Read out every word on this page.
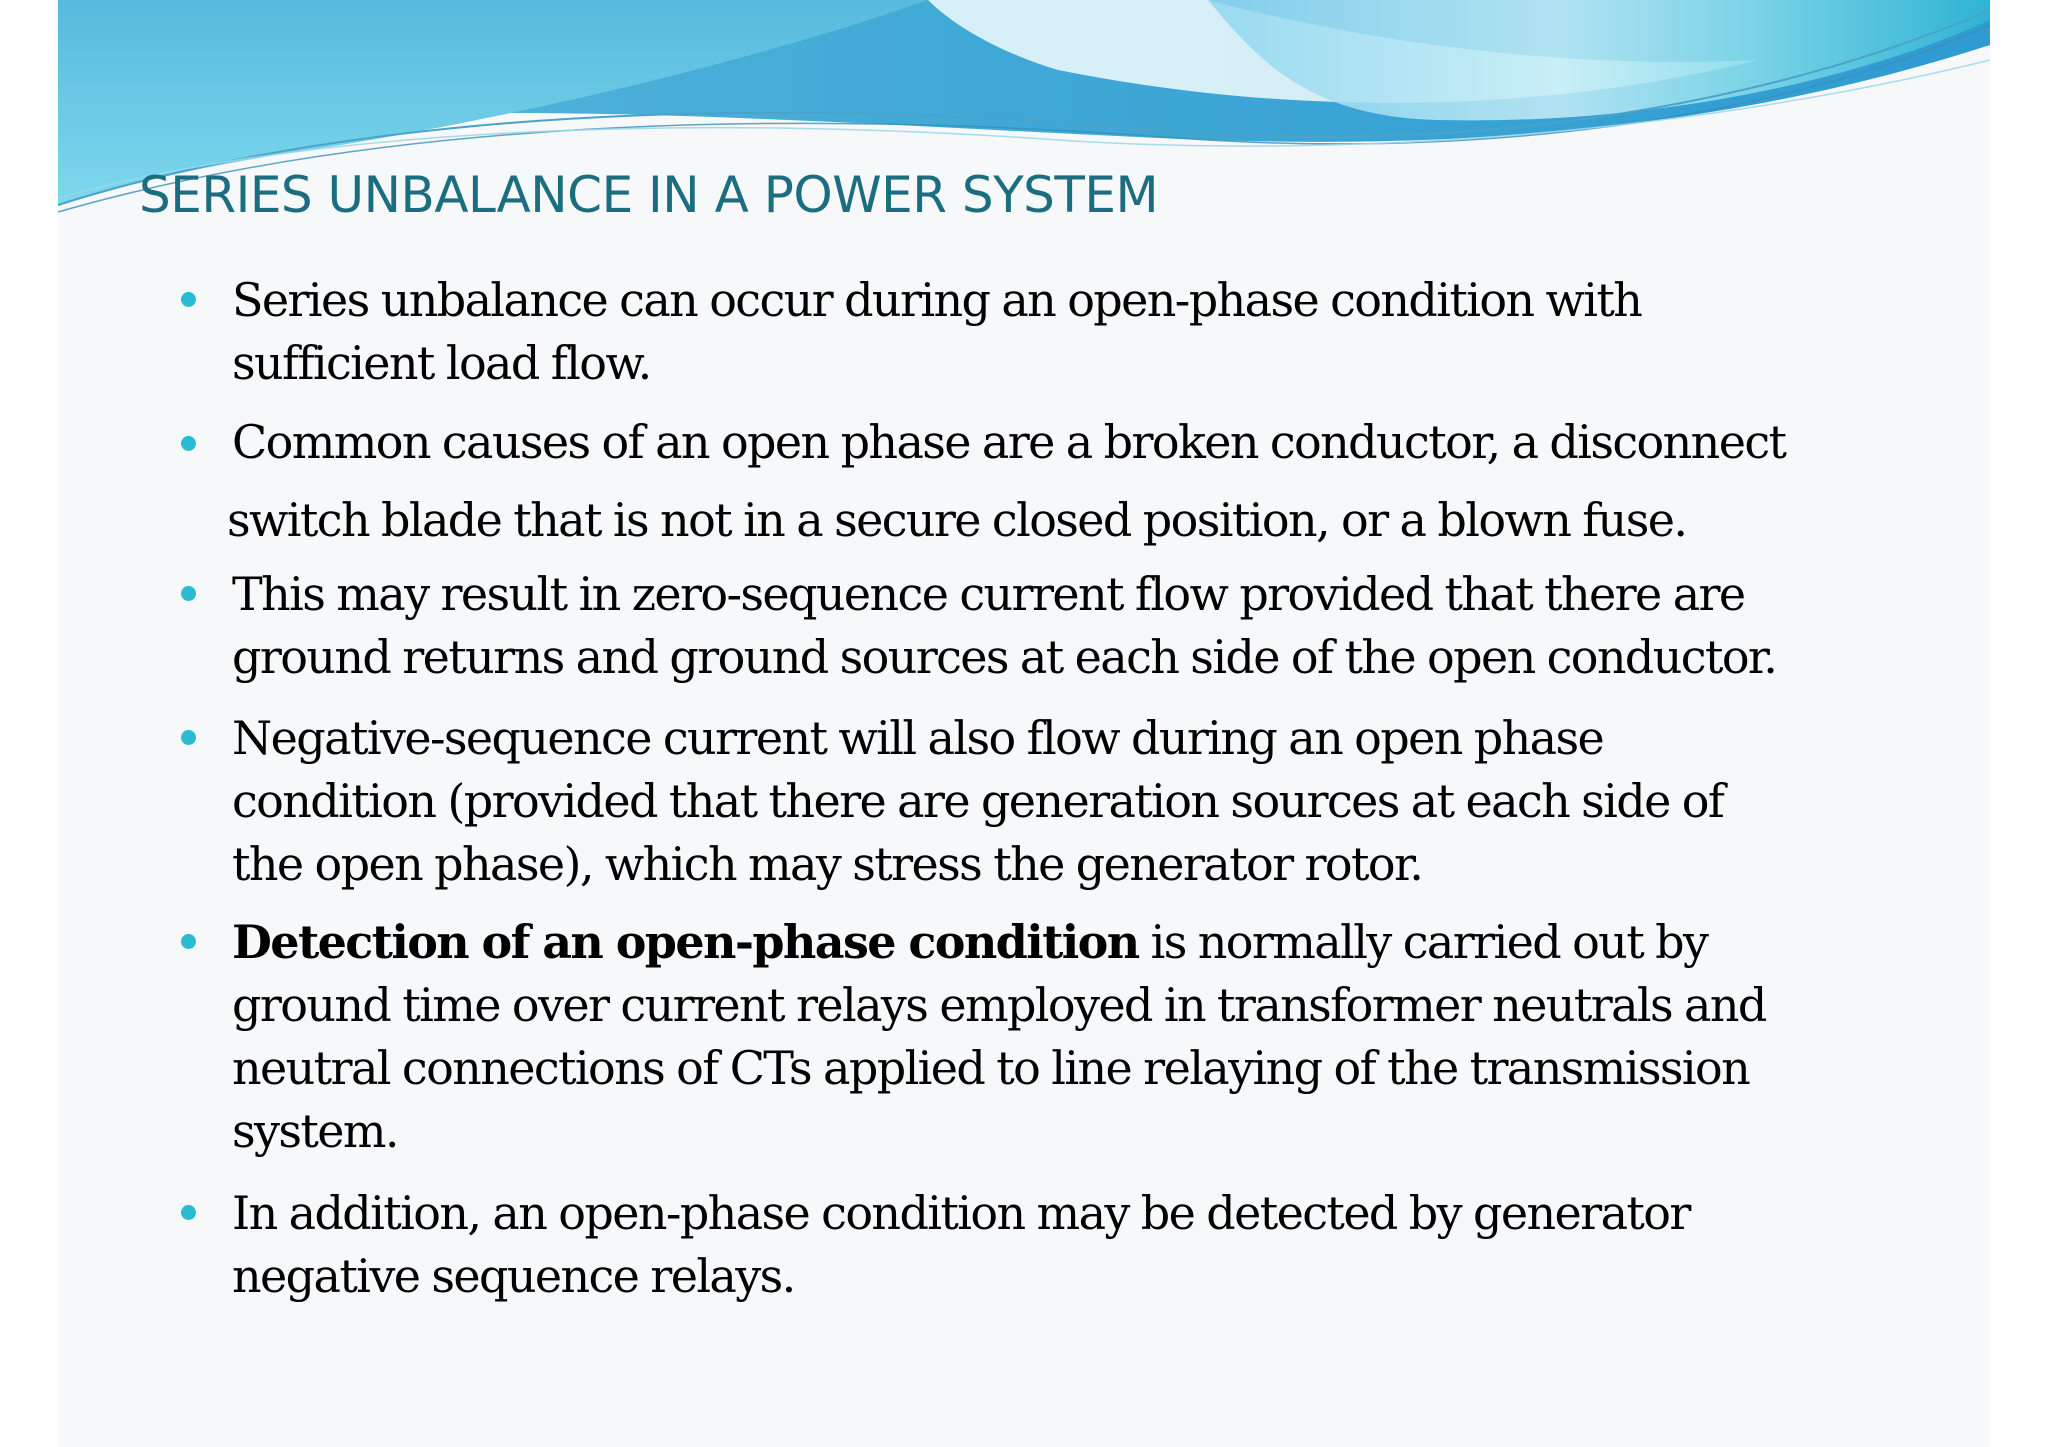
SERIES UNBALANCE IN A POWER SYSTEM
Series unbalance can occur during an open-phase condition with
sufficient load flow.
Common causes of an open phase are a broken conductor, a disconnect
switch blade that is not in a secure closed position, or a blown fuse.
This may result in zero-sequence current flow provided that there are
ground returns and ground sources at each side of the open conductor.
Negative-sequence current will also flow during an open phase
condition (provided that there are generation sources at each side of
the open phase), which may stress the generator rotor.
Detection of an open-phase condition is normally carried out by
ground time over current relays employed in transformer neutrals and
neutral connections of CTs applied to line relaying of the transmission
system.
In addition, an open-phase condition may be detected by generator
negative sequence relays.
